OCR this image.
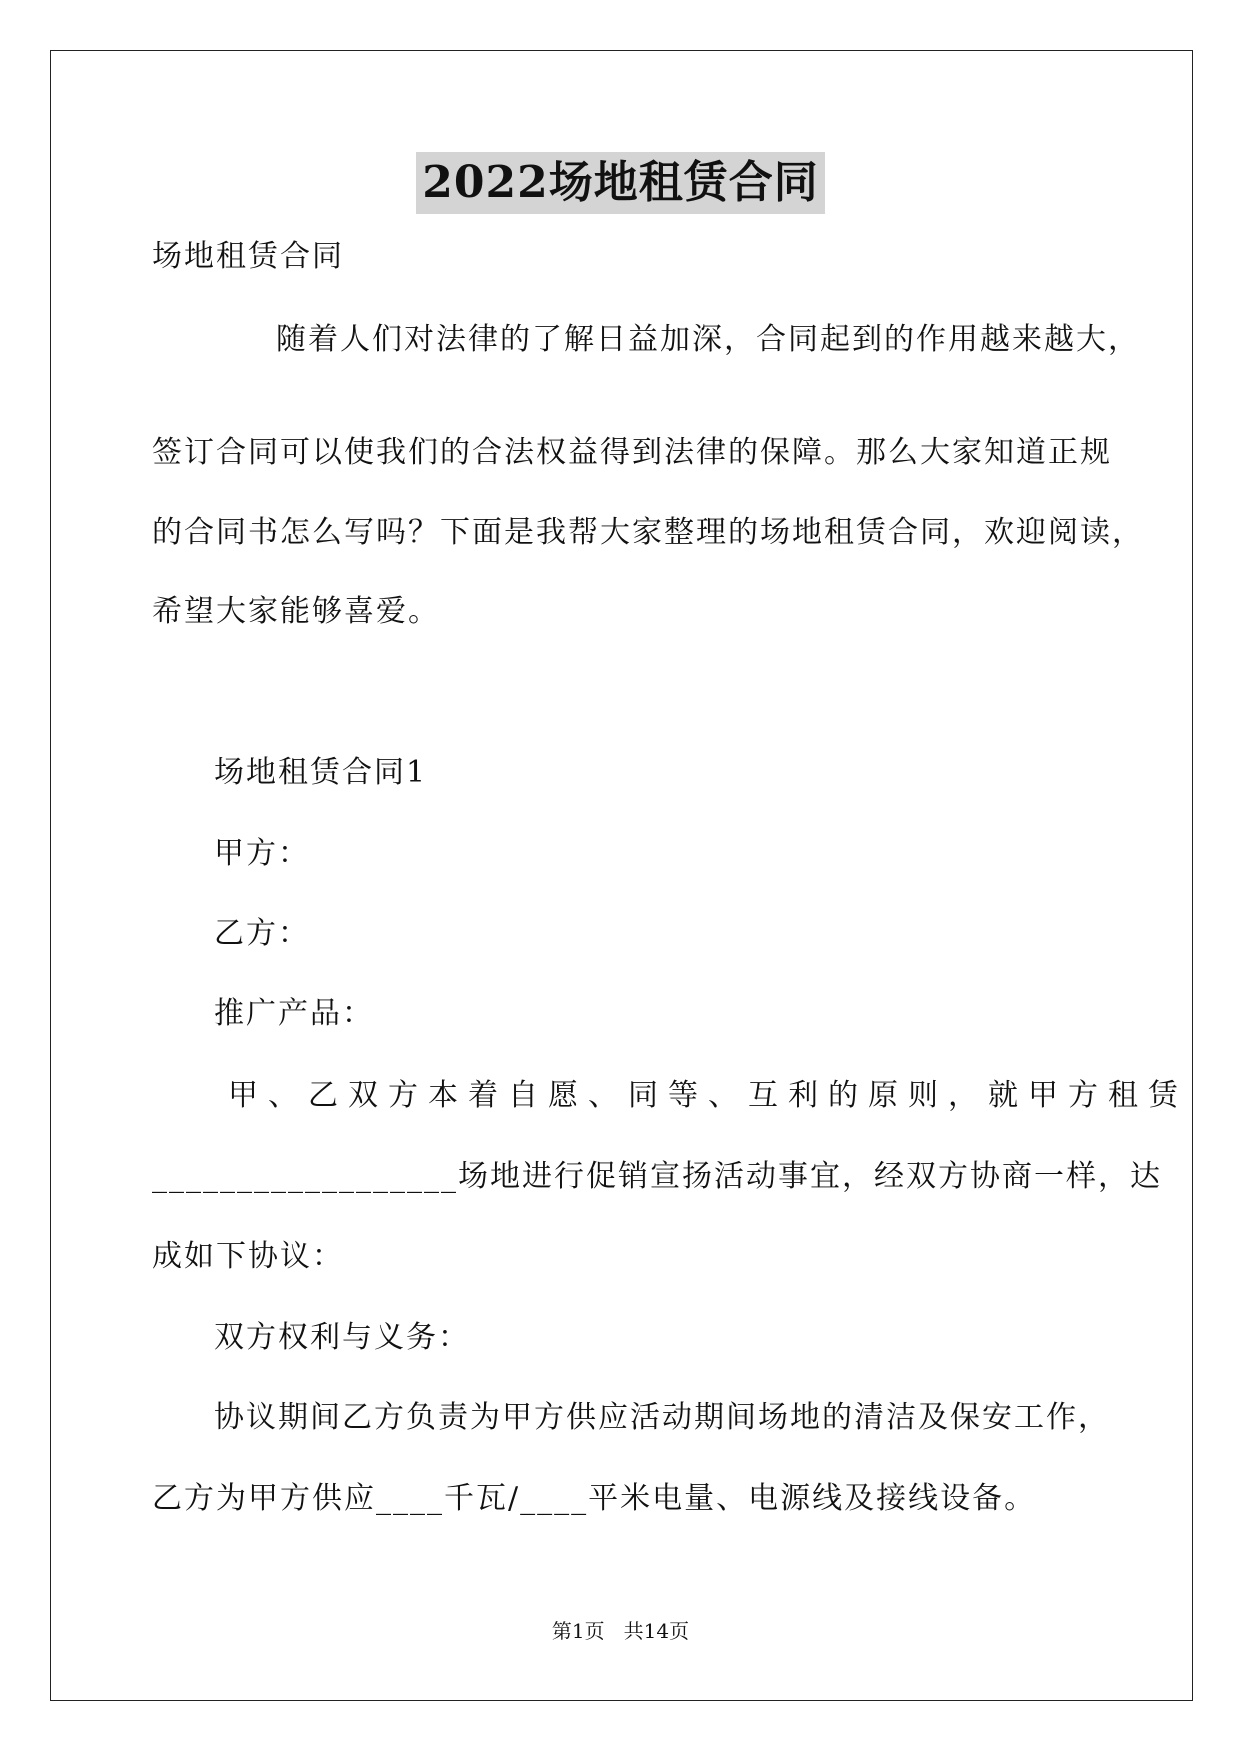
2022场地租赁合同
场地租赁合同
随着人们对法律的了解日益加深，合同起到的作用越来越大，
签订合同可以使我们的合法权益得到法律的保障。那么大家知道正规
的合同书怎么写吗？下面是我帮大家整理的场地租赁合同，欢迎阅读，
希望大家能够喜爱。
场地租赁合同1
甲方：
乙方：
推广产品：
甲、乙双方本着自愿、同等、互利的原则，就甲方租赁
__________________场地进行促销宣扬活动事宜，经双方协商一样，达
成如下协议：
双方权利与义务：
协议期间乙方负责为甲方供应活动期间场地的清洁及保安工作，
乙方为甲方供应____千瓦/____平米电量、电源线及接线设备。
第1页   共14页
